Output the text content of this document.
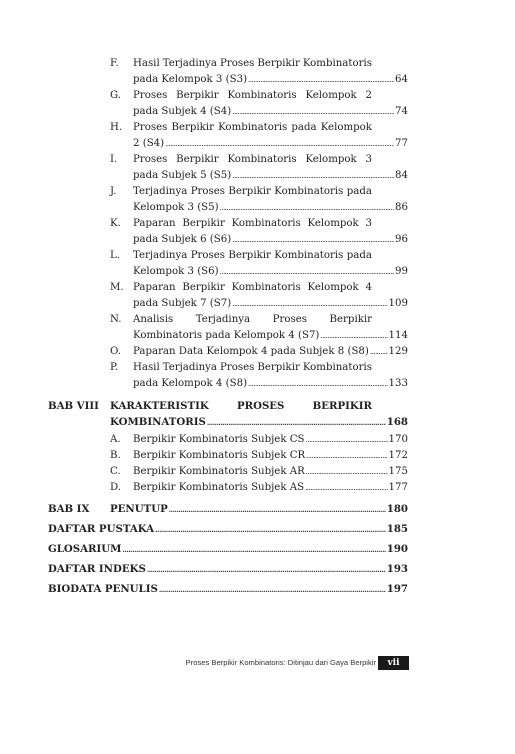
F. Hasil Terjadinya Proses Berpikir Kombinatoris
pada Kelompok 3 (S3) .....	64
G. Proses Berpikir Kombinatoris Kelompok 2
pada Subjek 4 (S4) .....	74
H. Proses Berpikir Kombinatoris pada Kelompok
2 (S4) .....	77
I. Proses Berpikir Kombinatoris Kelompok 3
pada Subjek 5 (S5) .....	84
J. Terjadinya Proses Berpikir Kombinatoris pada
Kelompok 3 (S5) .....	86
K. Paparan Berpikir Kombinatoris Kelompok 3
pada Subjek 6 (S6) .....	96
L. Terjadinya Proses Berpikir Kombinatoris pada
Kelompok 3 (S6) .....	99
M. Paparan Berpikir Kombinatoris Kelompok 4
pada Subjek 7 (S7) .....	109
N. Analisis Terjadinya Proses Berpikir
Kombinatoris pada Kelompok 4 (S7) .....	114
O. Paparan Data Kelompok 4 pada Subjek 8 (S8) ..... 129
P. Hasil Terjadinya Proses Berpikir Kombinatoris
pada Kelompok 4 (S8) .....	133
BAB VIII KARAKTERISTIK	PROSES	BERPIKIR
KOMBINATORIS .....	168
A. Berpikir Kombinatoris Subjek CS .....	170
B. Berpikir Kombinatoris Subjek CR .....	172
C. Berpikir Kombinatoris Subjek AR .....	175
D. Berpikir Kombinatoris Subjek AS .....	177
BAB IX PENUTUP .....	180
DAFTAR PUSTAKA .....	185
GLOSARIUM .....	190
DAFTAR INDEKS .....	193
BIODATA PENULIS .....	197
Proses Berpikir Kombinatoris: Ditinjau dari Gaya Berpikir	vii
